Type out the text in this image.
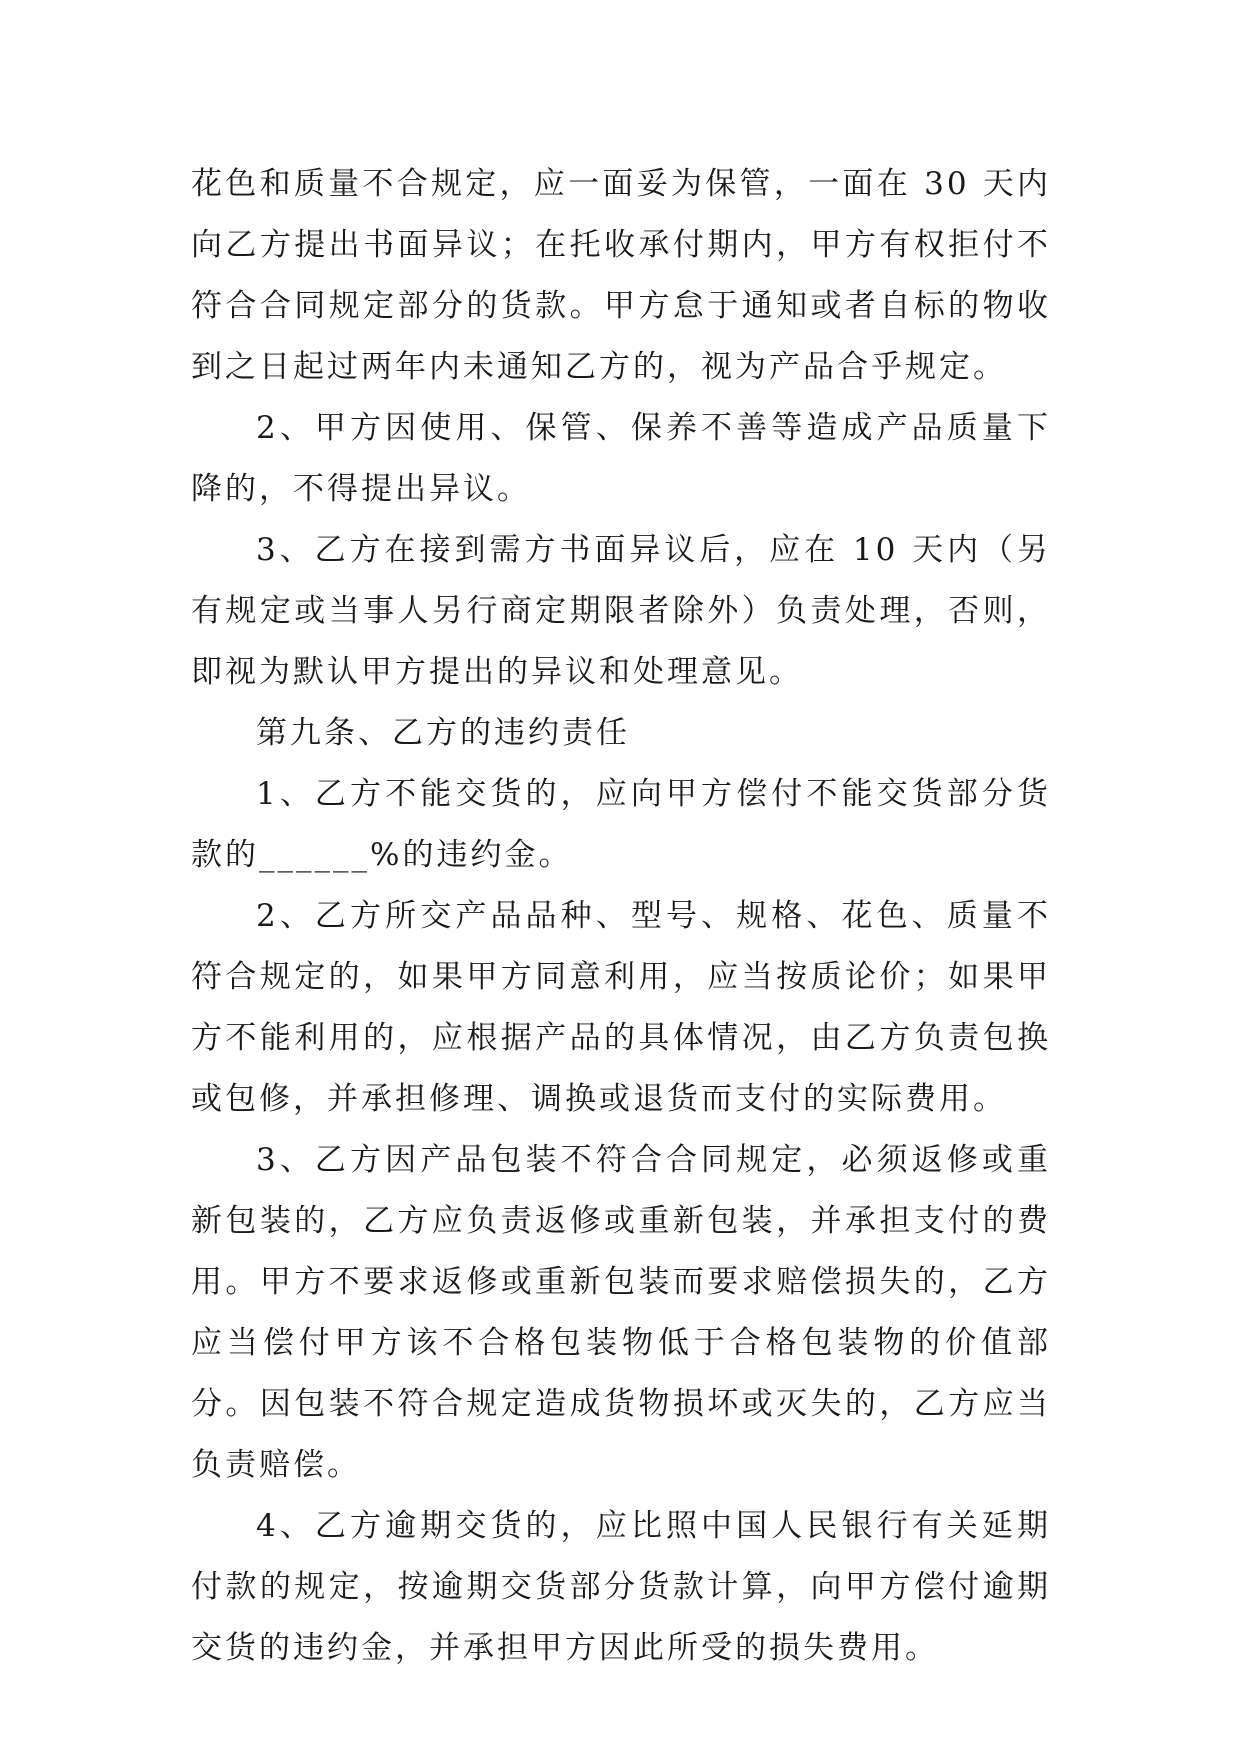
花色和质量不合规定，应一面妥为保管，一面在 30 天内向乙方提出书面异议；在托收承付期内，甲方有权拒付不符合合同规定部分的货款。甲方怠于通知或者自标的物收到之日起过两年内未通知乙方的，视为产品合乎规定。

2、甲方因使用、保管、保养不善等造成产品质量下降的，不得提出异议。

3、乙方在接到需方书面异议后，应在 10 天内（另有规定或当事人另行商定期限者除外）负责处理，否则，即视为默认甲方提出的异议和处理意见。

第九条、乙方的违约责任

1、乙方不能交货的，应向甲方偿付不能交货部分货款的______%的违约金。

2、乙方所交产品品种、型号、规格、花色、质量不符合规定的，如果甲方同意利用，应当按质论价；如果甲方不能利用的，应根据产品的具体情况，由乙方负责包换或包修，并承担修理、调换或退货而支付的实际费用。

3、乙方因产品包装不符合合同规定，必须返修或重新包装的，乙方应负责返修或重新包装，并承担支付的费用。甲方不要求返修或重新包装而要求赔偿损失的，乙方应当偿付甲方该不合格包装物低于合格包装物的价值部分。因包装不符合规定造成货物损坏或灭失的，乙方应当负责赔偿。

4、乙方逾期交货的，应比照中国人民银行有关延期付款的规定，按逾期交货部分货款计算，向甲方偿付逾期交货的违约金，并承担甲方因此所受的损失费用。
